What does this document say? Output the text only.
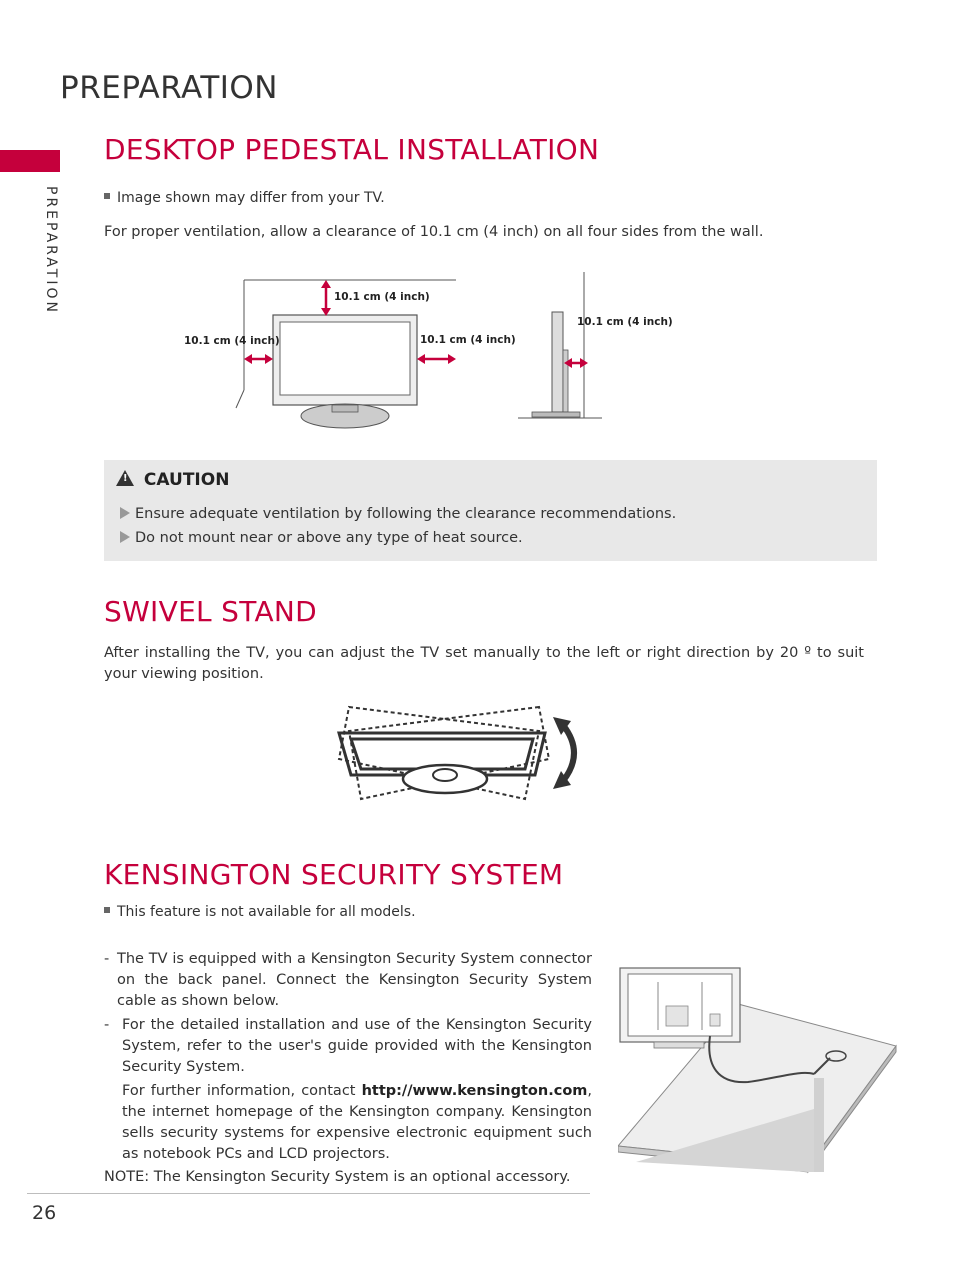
PREPARATION
PREPARATION
DESKTOP PEDESTAL INSTALLATION
Image shown may differ from your TV.

For proper ventilation, allow a clearance of 10.1 cm (4 inch) on all four sides from the wall.

10.1 cm (4 inch)
10.1 cm (4 inch)	10.1 cm (4 inch)
10.1 cm (4 inch)
! CAUTION
Ensure adequate ventilation by following the clearance recommendations.
Do not mount near or above any type of heat source.
SWIVEL STAND

After installing the TV, you can adjust the TV set manually to the left or right direction by 20 º to suit your viewing position.

KENSINGTON SECURITY SYSTEM
This feature is not available for all models.
- The TV is equipped with a Kensington Security System connector on the back panel. Connect the Kensington Security System cable as shown below.
- For the detailed installation and use of the Kensington Security System, refer to the user's guide provided with the Kensington Security System.
For further information, contact http://www.kensington.com, the internet homepage of the Kensington company. Kensington sells security systems for expensive electronic equipment such as notebook PCs and LCD projectors.
NOTE: The Kensington Security System is an optional accessory.
26
